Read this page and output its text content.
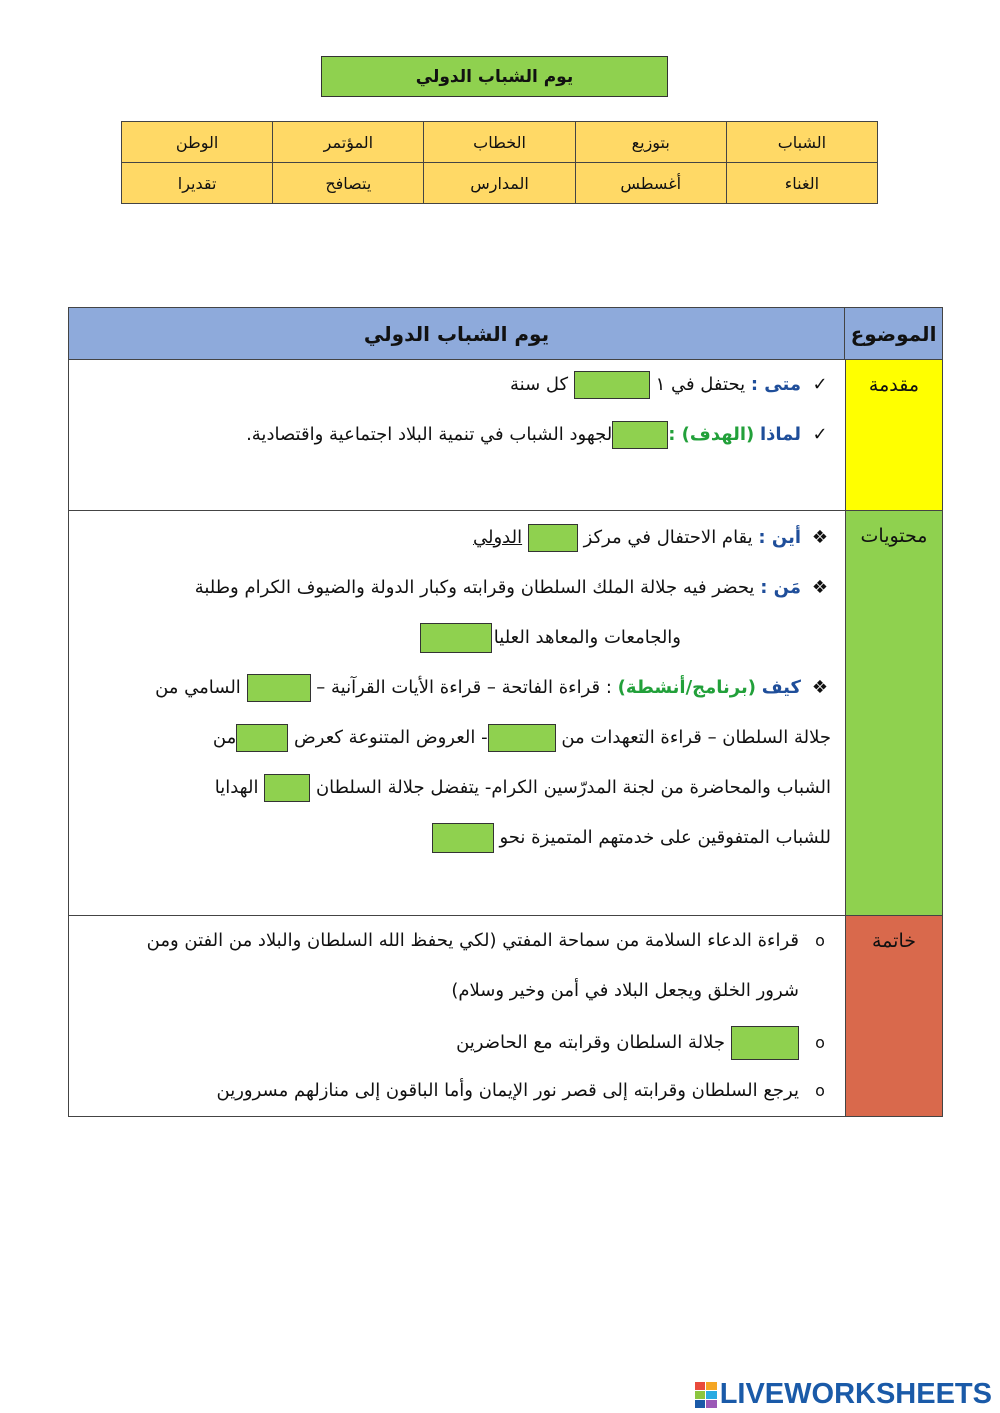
يوم الشباب الدولي
الشباب	بتوزيع	الخطاب	المؤتمر	الوطن
الغناء	أغسطس	المدارس	يتصافح	تقديرا
يوم الشباب الدولي	الموضوع
مقدمة
✓متى : يحتفل في ١  كل سنة
✓لماذا (الهدف) :لجهود الشباب في تنمية البلاد اجتماعية واقتصادية.
محتويات
❖أين : يقام الاحتفال في مركز  الدولي
❖مَن : يحضر فيه جلالة الملك السلطان وقرابته وكبار الدولة والضيوف الكرام وطلبة
والجامعات والمعاهد العليا
❖كيف (برنامج/أنشطة) : قراءة الفاتحة – قراءة الأيات القرآنية –  السامي من
جلالة السلطان – قراءة التعهدات من - العروض المتنوعة كعرض من
الشباب والمحاضرة من لجنة المدرّسين الكرام- يتفضل جلالة السلطان  الهدايا
للشباب المتفوقين على خدمتهم المتميزة نحو
خاتمة
oقراءة الدعاء السلامة من سماحة المفتي (لكي يحفظ الله السلطان والبلاد من الفتن ومن
شرور الخلق ويجعل البلاد في أمن وخير وسلام)
oجلالة السلطان وقرابته مع الحاضرين
oيرجع السلطان وقرابته إلى قصر نور الإيمان وأما الباقون إلى منازلهم مسرورين
LIVEWORKSHEETS
